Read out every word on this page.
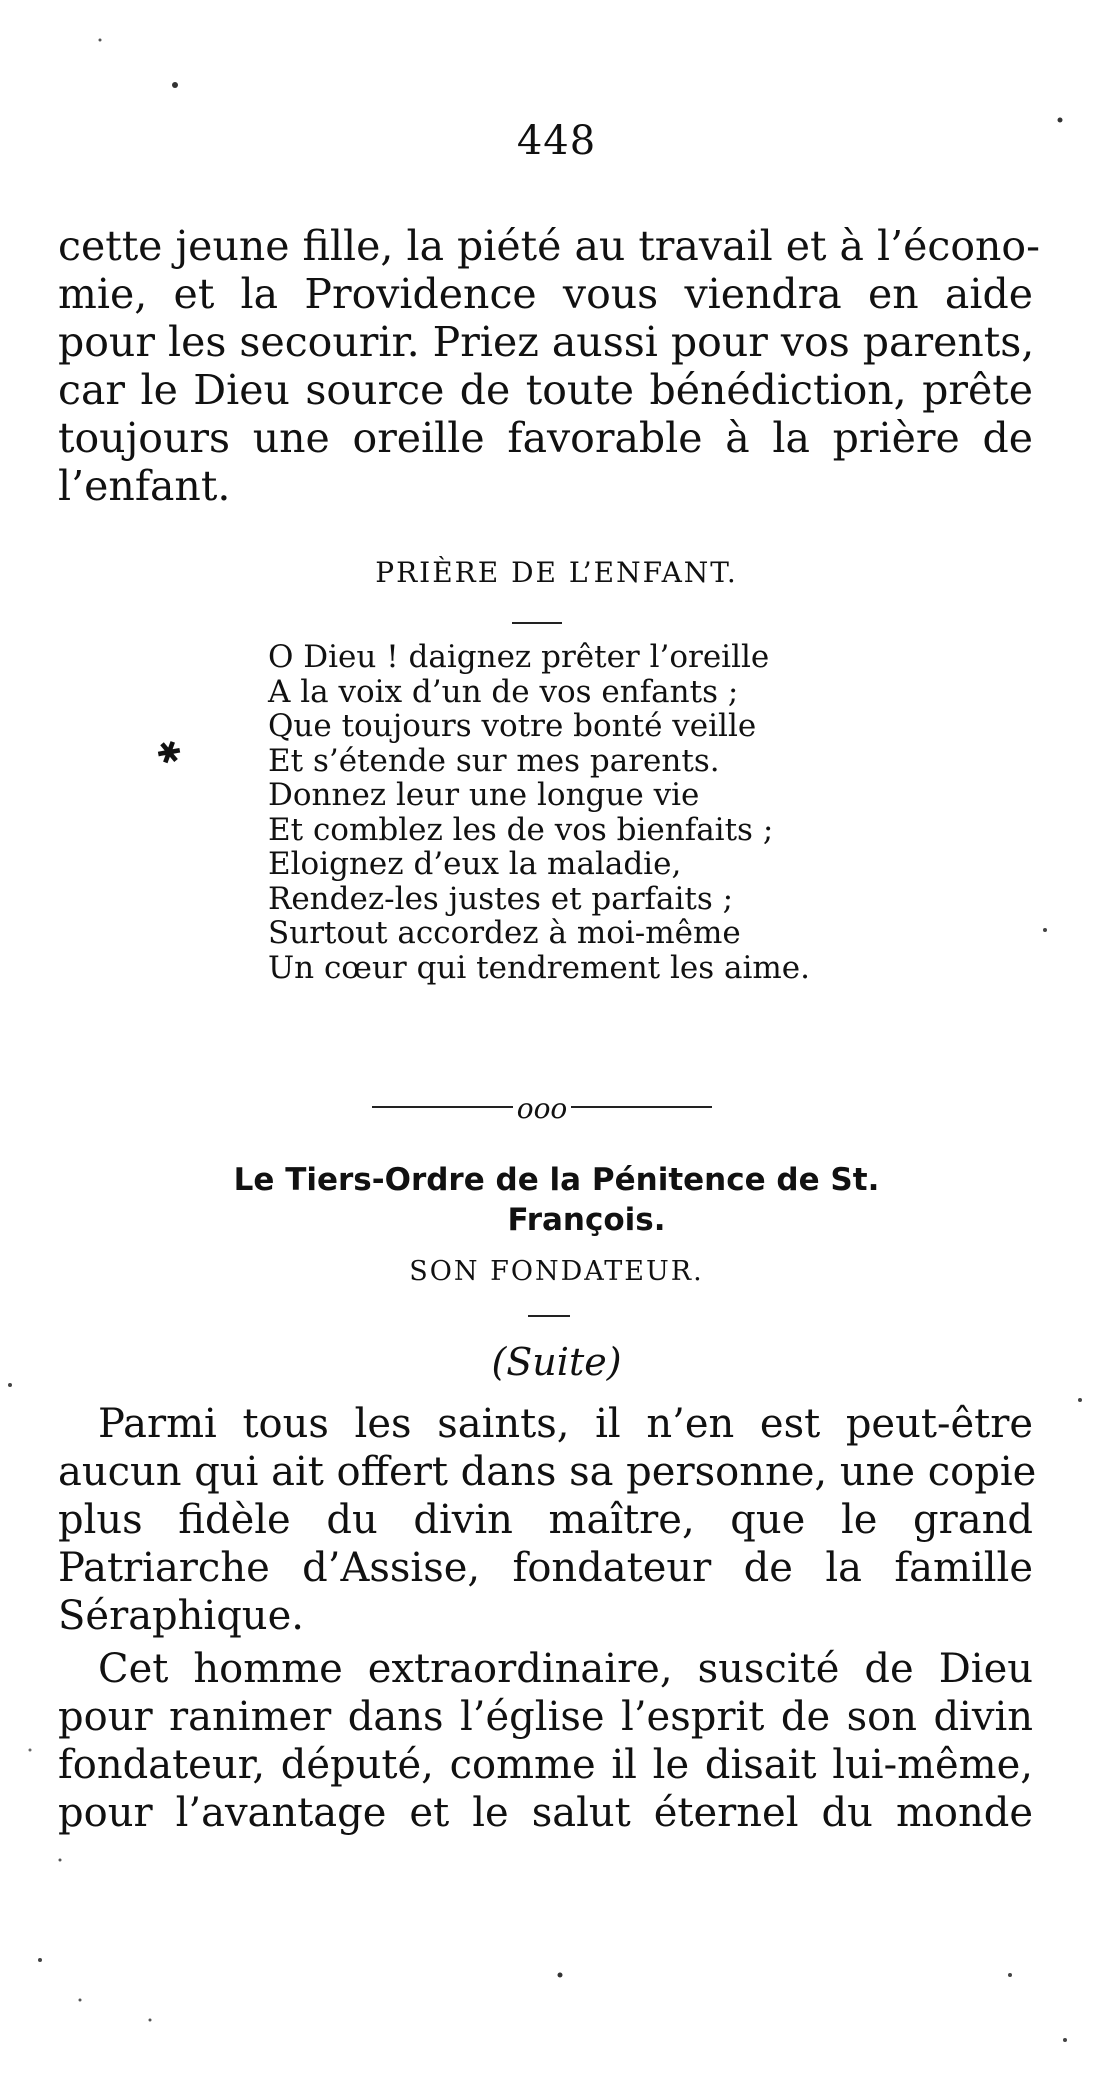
448
cette jeune fille, la piété au travail et à l’écono-
mie, et la Providence vous viendra en aide
pour les secourir. Priez aussi pour vos parents,
car le Dieu source de toute bénédiction, prête
toujours une oreille favorable à la prière de
l’enfant.
PRIÈRE DE L’ENFANT.
✱
O Dieu ! daignez prêter l’oreille
A la voix d’un de vos enfants ;
Que toujours votre bonté veille
Et s’étende sur mes parents.
Donnez leur une longue vie
Et comblez les de vos bienfaits ;
Eloignez d’eux la maladie,
Rendez-les justes et parfaits ;
Surtout accordez à moi-même
Un cœur qui tendrement les aime.
ooo
Le Tiers-Ordre de la Pénitence de St.
François.
SON FONDATEUR.
(Suite)
Parmi tous les saints, il n’en est peut-être
aucun qui ait offert dans sa personne, une copie
plus fidèle du divin maître, que le grand
Patriarche d’Assise, fondateur de la famille
Séraphique.
Cet homme extraordinaire, suscité de Dieu
pour ranimer dans l’église l’esprit de son divin
fondateur, député, comme il le disait lui-même,
pour l’avantage et le salut éternel du monde
